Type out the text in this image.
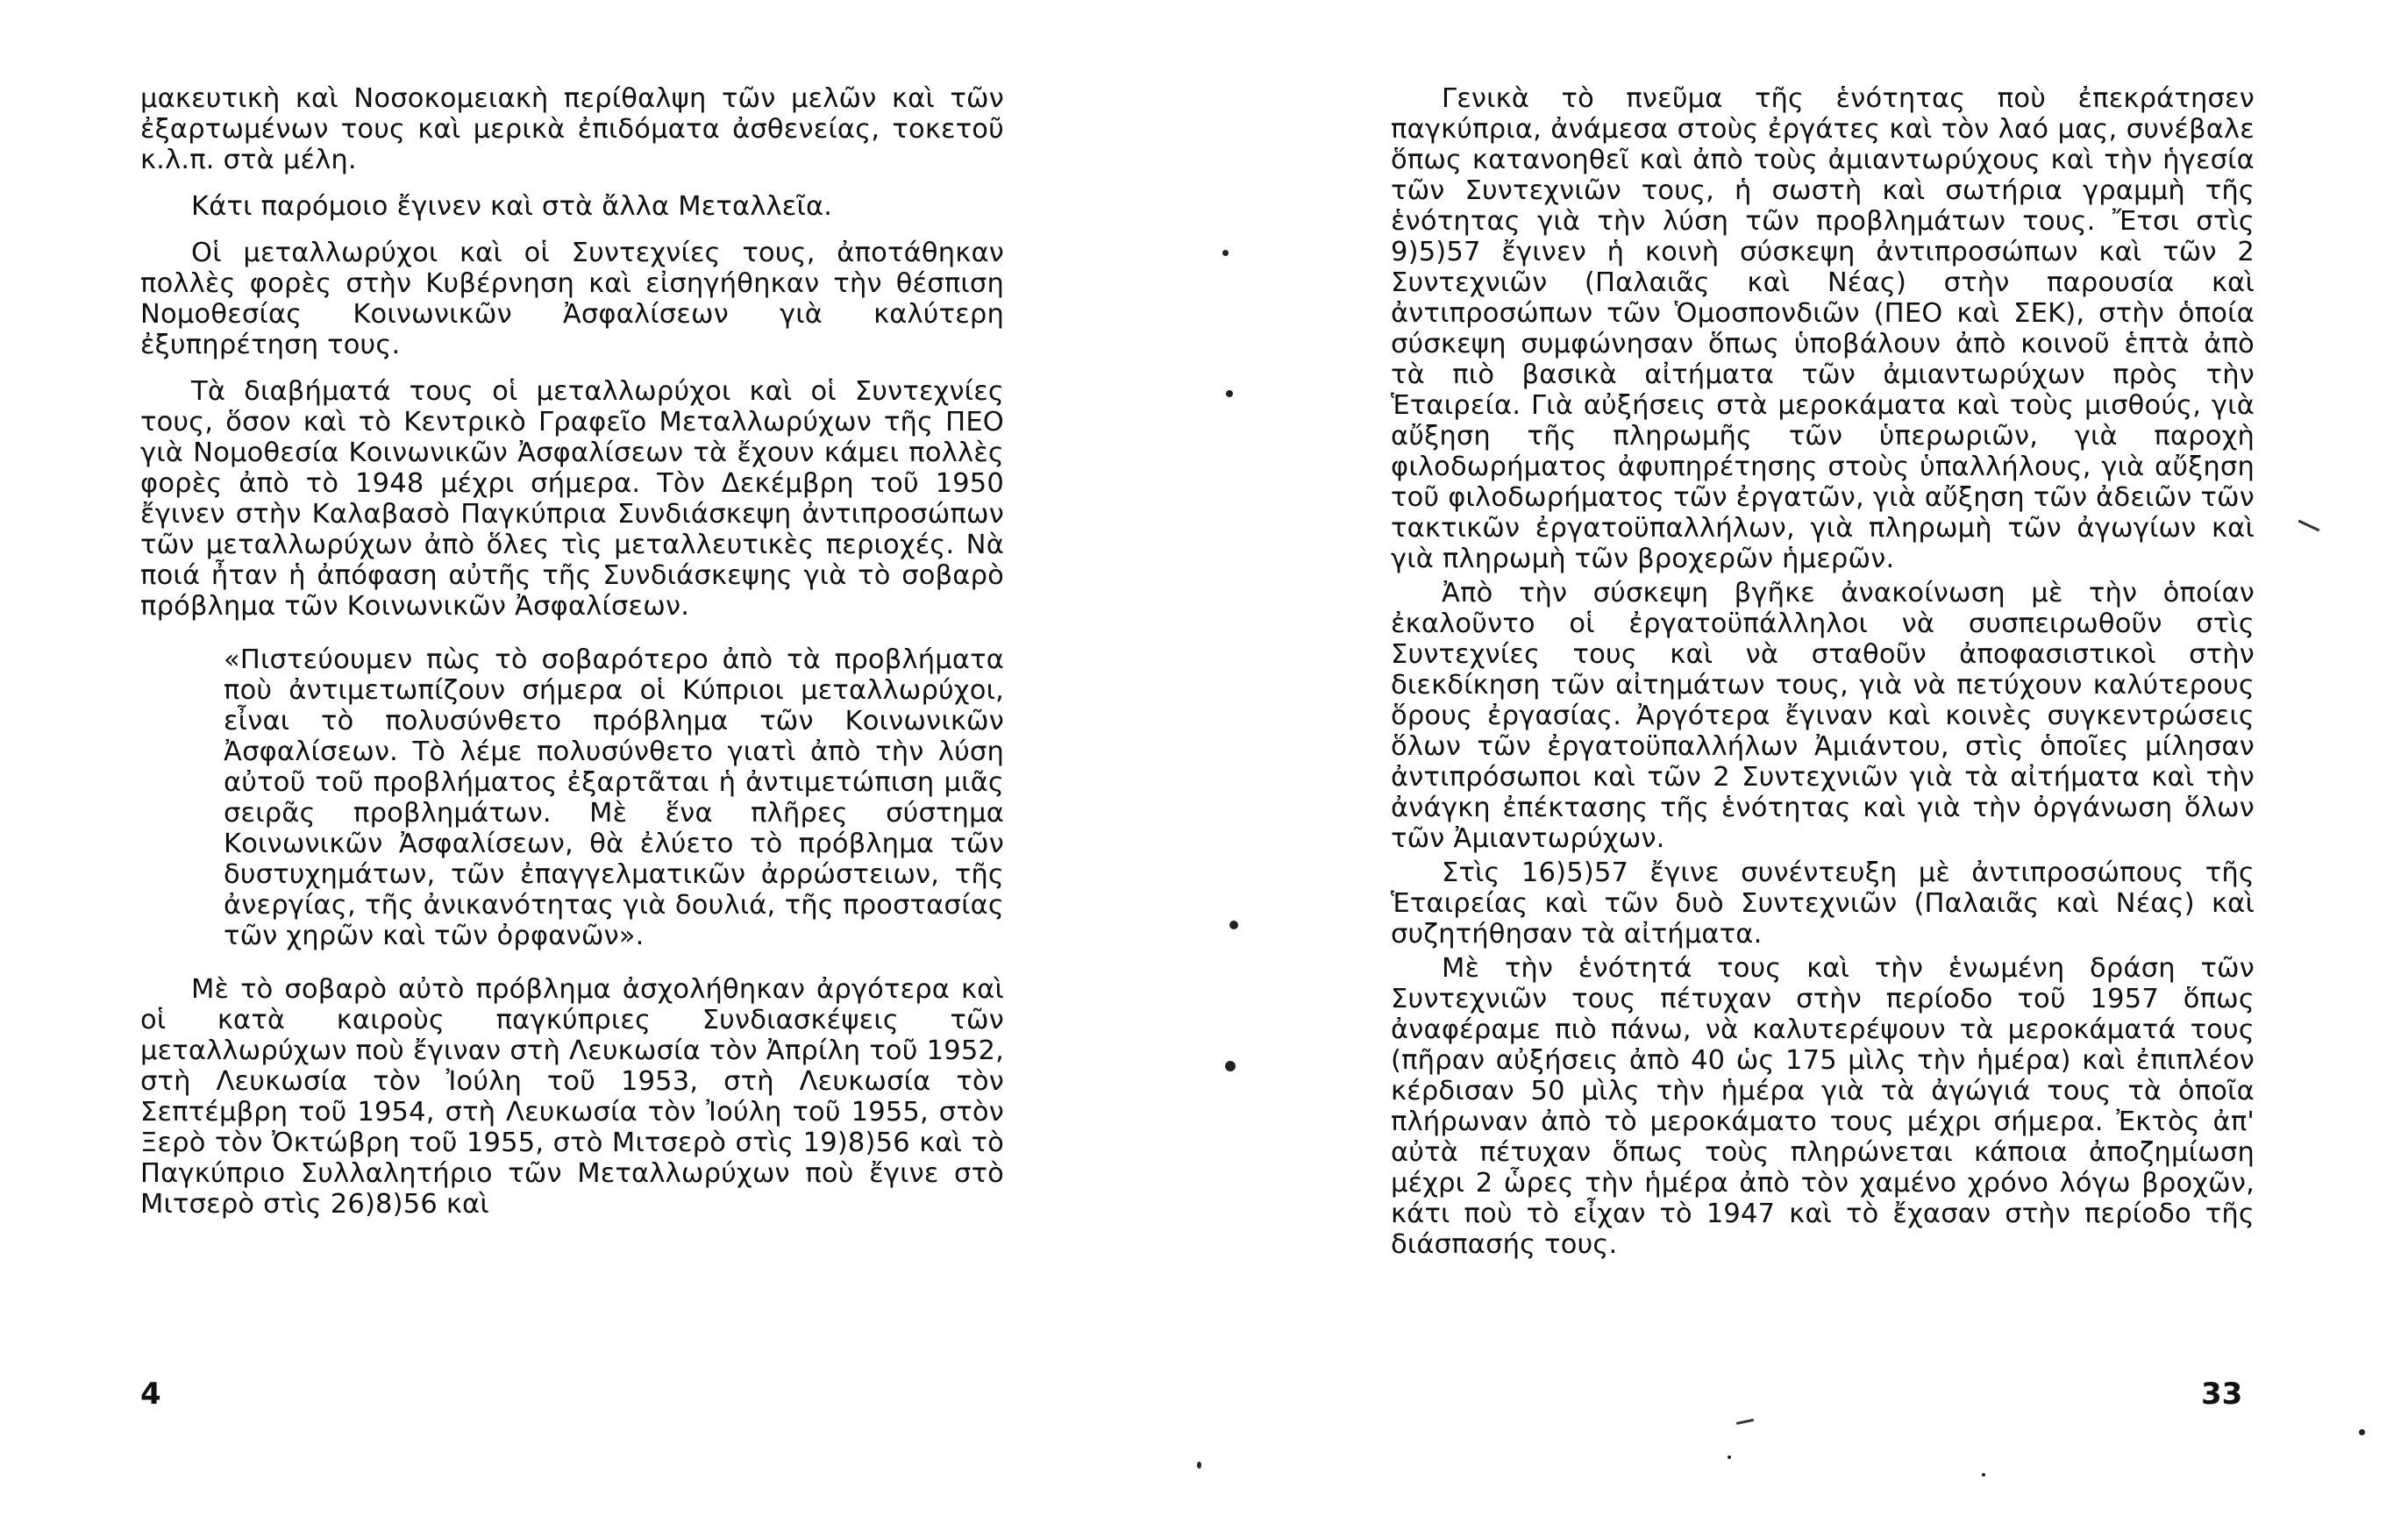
μακευτικὴ καὶ Νοσοκομειακὴ περίθαλψη τῶν μελῶν καὶ τῶν ἐξαρτωμένων τους καὶ μερικὰ ἐπιδόματα ἀσθενείας, τοκετοῦ κ.λ.π. στὰ μέλη.

Κάτι παρόμοιο ἔγινεν καὶ στὰ ἄλλα Μεταλλεῖα.

Οἱ μεταλλωρύχοι καὶ οἱ Συντεχνίες τους, ἀποτάθηκαν πολλὲς φορὲς στὴν Κυβέρνηση καὶ εἰσηγήθηκαν τὴν θέσπιση Νομοθεσίας Κοινωνικῶν Ἀσφαλίσεων γιὰ καλύτερη ἐξυπηρέτηση τους.

Τὰ διαβήματά τους οἱ μεταλλωρύχοι καὶ οἱ Συντεχνίες τους, ὅσον καὶ τὸ Κεντρικὸ Γραφεῖο Μεταλλωρύχων τῆς ΠΕΟ γιὰ Νομοθεσία Κοινωνικῶν Ἀσφαλίσεων τὰ ἔχουν κάμει πολλὲς φορὲς ἀπὸ τὸ 1948 μέχρι σήμερα. Τὸν Δεκέμβρη τοῦ 1950 ἔγινεν στὴν Καλαβασὸ Παγκύπρια Συνδιάσκεψη ἀντιπροσώπων τῶν μεταλλωρύχων ἀπὸ ὅλες τὶς μεταλλευτικὲς περιοχές. Νὰ ποιά ἦταν ἡ ἀπόφαση αὐτῆς τῆς Συνδιάσκεψης γιὰ τὸ σοβαρὸ πρόβλημα τῶν Κοινωνικῶν Ἀσφαλίσεων.

«Πιστεύουμεν πὼς τὸ σοβαρότερο ἀπὸ τὰ προβλήματα ποὺ ἀντιμετωπίζουν σήμερα οἱ Κύπριοι μεταλλωρύχοι, εἶναι τὸ πολυσύνθετο πρόβλημα τῶν Κοινωνικῶν Ἀσφαλίσεων. Τὸ λέμε πολυσύνθετο γιατὶ ἀπὸ τὴν λύση αὐτοῦ τοῦ προβλήματος ἐξαρτᾶται ἡ ἀντιμετώπιση μιᾶς σειρᾶς προβλημάτων. Μὲ ἕνα πλῆρες σύστημα Κοινωνικῶν Ἀσφαλίσεων, θὰ ἐλύετο τὸ πρόβλημα τῶν δυστυχημάτων, τῶν ἐπαγγελματικῶν ἀρρώστειων, τῆς ἀνεργίας, τῆς ἀνικανότητας γιὰ δουλιά, τῆς προστασίας τῶν χηρῶν καὶ τῶν ὀρφανῶν».

Μὲ τὸ σοβαρὸ αὐτὸ πρόβλημα ἀσχολήθηκαν ἀργότερα καὶ οἱ κατὰ καιροὺς παγκύπριες Συνδιασκέψεις τῶν μεταλλωρύχων ποὺ ἔγιναν στὴ Λευκωσία τὸν Ἀπρίλη τοῦ 1952, στὴ Λευκωσία τὸν Ἰούλη τοῦ 1953, στὴ Λευκωσία τὸν Σεπτέμβρη τοῦ 1954, στὴ Λευκωσία τὸν Ἰούλη τοῦ 1955, στὸν Ξερὸ τὸν Ὀκτώβρη τοῦ 1955, στὸ Μιτσερὸ στὶς 19)8)56 καὶ τὸ Παγκύπριο Συλλαλητήριο τῶν Μεταλλωρύχων ποὺ ἔγινε στὸ Μιτσερὸ στὶς 26)8)56 καὶ

4

Γενικὰ τὸ πνεῦμα τῆς ἑνότητας ποὺ ἐπεκράτησεν παγκύπρια, ἀνάμεσα στοὺς ἐργάτες καὶ τὸν λαό μας, συνέβαλε ὅπως κατανοηθεῖ καὶ ἀπὸ τοὺς ἀμιαντωρύχους καὶ τὴν ἡγεσία τῶν Συντεχνιῶν τους, ἡ σωστὴ καὶ σωτήρια γραμμὴ τῆς ἑνότητας γιὰ τὴν λύση τῶν προβλημάτων τους. Ἔτσι στὶς 9)5)57 ἔγινεν ἡ κοινὴ σύσκεψη ἀντιπροσώπων καὶ τῶν 2 Συντεχνιῶν (Παλαιᾶς καὶ Νέας) στὴν παρουσία καὶ ἀντιπροσώπων τῶν Ὁμοσπονδιῶν (ΠΕΟ καὶ ΣΕΚ), στὴν ὁποία σύσκεψη συμφώνησαν ὅπως ὑποβάλουν ἀπὸ κοινοῦ ἑπτὰ ἀπὸ τὰ πιὸ βασικὰ αἰτήματα τῶν ἀμιαντωρύχων πρὸς τὴν Ἑταιρεία. Γιὰ αὐξήσεις στὰ μεροκάματα καὶ τοὺς μισθούς, γιὰ αὔξηση τῆς πληρωμῆς τῶν ὑπερωριῶν, γιὰ παροχὴ φιλοδωρήματος ἀφυπηρέτησης στοὺς ὑπαλλήλους, γιὰ αὔξηση τοῦ φιλοδωρήματος τῶν ἐργατῶν, γιὰ αὔξηση τῶν ἀδειῶν τῶν τακτικῶν ἐργατοϋπαλλήλων, γιὰ πληρωμὴ τῶν ἀγωγίων καὶ γιὰ πληρωμὴ τῶν βροχερῶν ἡμερῶν.

Ἀπὸ τὴν σύσκεψη βγῆκε ἀνακοίνωση μὲ τὴν ὁποίαν ἐκαλοῦντο οἱ ἐργατοϋπάλληλοι νὰ συσπειρωθοῦν στὶς Συντεχνίες τους καὶ νὰ σταθοῦν ἀποφασιστικοὶ στὴν διεκδίκηση τῶν αἰτημάτων τους, γιὰ νὰ πετύχουν καλύτερους ὅρους ἐργασίας. Ἀργότερα ἔγιναν καὶ κοινὲς συγκεντρώσεις ὅλων τῶν ἐργατοϋπαλλήλων Ἀμιάντου, στὶς ὁποῖες μίλησαν ἀντιπρόσωποι καὶ τῶν 2 Συντεχνιῶν γιὰ τὰ αἰτήματα καὶ τὴν ἀνάγκη ἐπέκτασης τῆς ἑνότητας καὶ γιὰ τὴν ὀργάνωση ὅλων τῶν Ἀμιαντωρύχων.

Στὶς 16)5)57 ἔγινε συνέντευξη μὲ ἀντιπροσώπους τῆς Ἑταιρείας καὶ τῶν δυὸ Συντεχνιῶν (Παλαιᾶς καὶ Νέας) καὶ συζητήθησαν τὰ αἰτήματα.

Μὲ τὴν ἑνότητά τους καὶ τὴν ἑνωμένη δράση τῶν Συντεχνιῶν τους πέτυχαν στὴν περίοδο τοῦ 1957 ὅπως ἀναφέραμε πιὸ πάνω, νὰ καλυτερέψουν τὰ μεροκάματά τους (πῆραν αὐξήσεις ἀπὸ 40 ὡς 175 μὶλς τὴν ἡμέρα) καὶ ἐπιπλέον κέρδισαν 50 μὶλς τὴν ἡμέρα γιὰ τὰ ἀγώγιά τους τὰ ὁποῖα πλήρωναν ἀπὸ τὸ μεροκάματο τους μέχρι σήμερα. Ἐκτὸς ἀπ' αὐτὰ πέτυχαν ὅπως τοὺς πληρώνεται κάποια ἀποζημίωση μέχρι 2 ὧρες τὴν ἡμέρα ἀπὸ τὸν χαμένο χρόνο λόγω βροχῶν, κάτι ποὺ τὸ εἶχαν τὸ 1947 καὶ τὸ ἔχασαν στὴν περίοδο τῆς διάσπασής τους.

33
